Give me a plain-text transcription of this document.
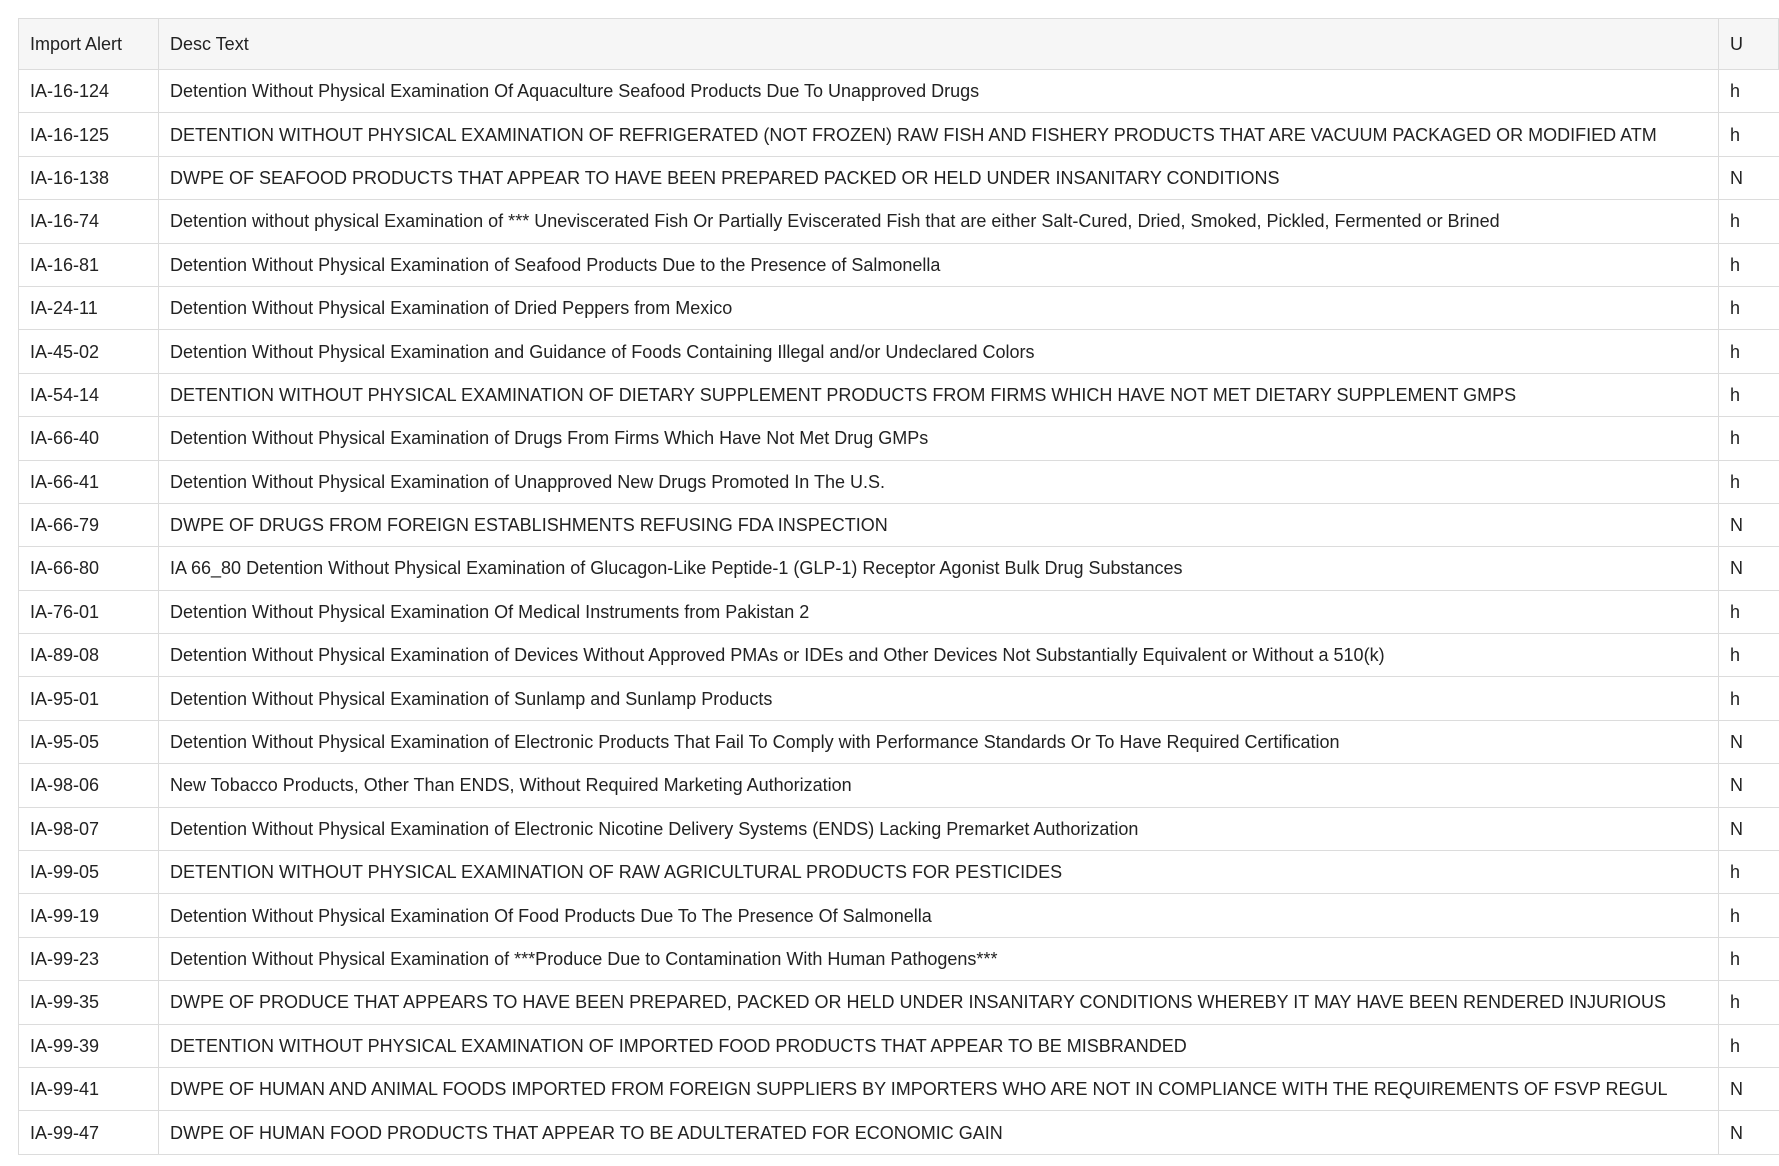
Import Alert	Desc Text	U
IA-16-124	Detention Without Physical Examination Of Aquaculture Seafood Products Due To Unapproved Drugs	h
IA-16-125	DETENTION WITHOUT PHYSICAL EXAMINATION OF REFRIGERATED (NOT FROZEN) RAW FISH AND FISHERY PRODUCTS THAT ARE VACUUM PACKAGED OR MODIFIED ATM	h
IA-16-138	DWPE OF SEAFOOD PRODUCTS THAT APPEAR TO HAVE BEEN PREPARED PACKED OR HELD UNDER INSANITARY CONDITIONS	N
IA-16-74	Detention without physical Examination of *** Uneviscerated Fish Or Partially Eviscerated Fish that are either Salt-Cured, Dried, Smoked, Pickled, Fermented or Brined	h
IA-16-81	Detention Without Physical Examination of Seafood Products Due to the Presence of Salmonella	h
IA-24-11	Detention Without Physical Examination of Dried Peppers from Mexico	h
IA-45-02	Detention Without Physical Examination and Guidance of Foods Containing Illegal and/or Undeclared Colors	h
IA-54-14	DETENTION WITHOUT PHYSICAL EXAMINATION OF DIETARY SUPPLEMENT PRODUCTS FROM FIRMS WHICH HAVE NOT MET DIETARY SUPPLEMENT GMPS	h
IA-66-40	Detention Without Physical Examination of Drugs From Firms Which Have Not Met Drug GMPs	h
IA-66-41	Detention Without Physical Examination of Unapproved New Drugs Promoted In The U.S.	h
IA-66-79	DWPE OF DRUGS FROM FOREIGN ESTABLISHMENTS REFUSING FDA INSPECTION	N
IA-66-80	IA 66_80 Detention Without Physical Examination of Glucagon-Like Peptide-1 (GLP-1) Receptor Agonist Bulk Drug Substances	N
IA-76-01	Detention Without Physical Examination Of Medical Instruments from Pakistan 2	h
IA-89-08	Detention Without Physical Examination of Devices Without Approved PMAs or IDEs and Other Devices Not Substantially Equivalent or Without a 510(k)	h
IA-95-01	Detention Without Physical Examination of Sunlamp and Sunlamp Products	h
IA-95-05	Detention Without Physical Examination of Electronic Products That Fail To Comply with Performance Standards Or To Have Required Certification	N
IA-98-06	New Tobacco Products, Other Than ENDS, Without Required Marketing Authorization	N
IA-98-07	Detention Without Physical Examination of Electronic Nicotine Delivery Systems (ENDS) Lacking Premarket Authorization	N
IA-99-05	DETENTION WITHOUT PHYSICAL EXAMINATION OF RAW AGRICULTURAL PRODUCTS FOR PESTICIDES	h
IA-99-19	Detention Without Physical Examination Of Food Products Due To The Presence Of Salmonella	h
IA-99-23	Detention Without Physical Examination of ***Produce Due to Contamination With Human Pathogens***	h
IA-99-35	DWPE OF PRODUCE THAT APPEARS TO HAVE BEEN PREPARED, PACKED OR HELD UNDER INSANITARY CONDITIONS WHEREBY IT MAY HAVE BEEN RENDERED INJURIOUS	h
IA-99-39	DETENTION WITHOUT PHYSICAL EXAMINATION OF IMPORTED FOOD PRODUCTS THAT APPEAR TO BE MISBRANDED	h
IA-99-41	DWPE OF HUMAN AND ANIMAL FOODS IMPORTED FROM FOREIGN SUPPLIERS BY IMPORTERS WHO ARE NOT IN COMPLIANCE WITH THE REQUIREMENTS OF FSVP REGUL	N
IA-99-47	DWPE OF HUMAN FOOD PRODUCTS THAT APPEAR TO BE ADULTERATED FOR ECONOMIC GAIN	N
